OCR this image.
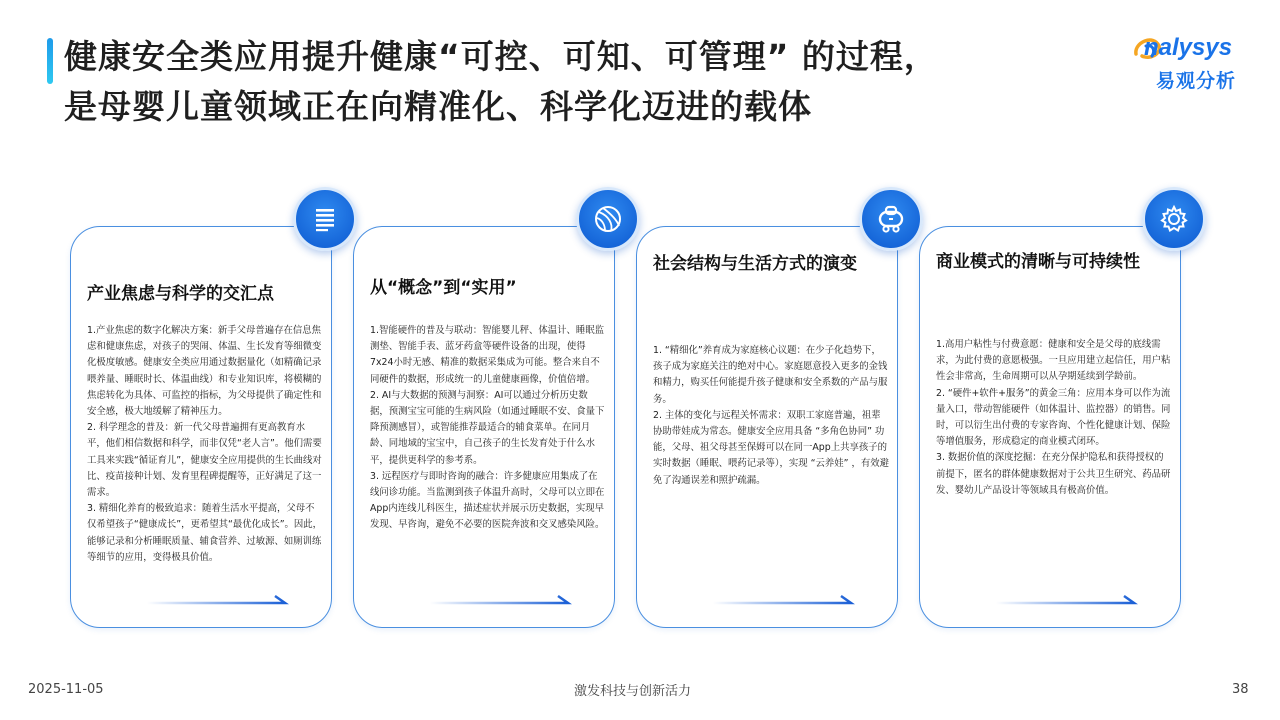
健康安全类应用提升健康“可控、可知、可管理” 的过程，
是母婴儿童领域正在向精准化、科学化迈进的载体
nalysys
易观分析
产业焦虑与科学的交汇点

1.产业焦虑的数字化解决方案：新手父母普遍存在信息焦虑和健康焦虑，对孩子的哭闹、体温、生长发育等细微变化极度敏感。健康安全类应用通过数据量化（如精确记录喂养量、睡眠时长、体温曲线）和专业知识库，将模糊的焦虑转化为具体、可监控的指标，为父母提供了确定性和安全感，极大地缓解了精神压力。

2. 科学理念的普及：新一代父母普遍拥有更高教育水平，他们相信数据和科学，而非仅凭“老人言”。他们需要工具来实践“循证育儿”，健康安全应用提供的生长曲线对比、疫苗接种计划、发育里程碑提醒等，正好满足了这一需求。

3. 精细化养育的极致追求：随着生活水平提高，父母不仅希望孩子“健康成长”，更希望其“最优化成长”。因此，能够记录和分析睡眠质量、辅食营养、过敏源、如厕训练等细节的应用，变得极具价值。

从“概念”到“实用”

1.智能硬件的普及与联动：智能婴儿秤、体温计、睡眠监测垫、智能手表、蓝牙药盒等硬件设备的出现，使得7x24小时无感、精准的数据采集成为可能。整合来自不同硬件的数据，形成统一的儿童健康画像，价值倍增。

2. AI与大数据的预测与洞察：AI可以通过分析历史数据，预测宝宝可能的生病风险（如通过睡眠不安、食量下降预测感冒），或智能推荐最适合的辅食菜单。在同月龄、同地域的宝宝中，自己孩子的生长发育处于什么水平，提供更科学的参考系。

3. 远程医疗与即时咨询的融合：许多健康应用集成了在线问诊功能。当监测到孩子体温升高时，父母可以立即在App内连线儿科医生，描述症状并展示历史数据，实现早发现、早咨询，避免不必要的医院奔波和交叉感染风险。

社会结构与生活方式的演变

1. “精细化”养育成为家庭核心议题：在少子化趋势下，孩子成为家庭关注的绝对中心。家庭愿意投入更多的金钱和精力，购买任何能提升孩子健康和安全系数的产品与服务。

2. 主体的变化与远程关怀需求：双职工家庭普遍，祖辈协助带娃成为常态。健康安全应用具备 “多角色协同” 功能，父母、祖父母甚至保姆可以在同一App上共享孩子的实时数据（睡眠、喂药记录等），实现 “云养娃” ，有效避免了沟通误差和照护疏漏。

商业模式的清晰与可持续性

1.高用户粘性与付费意愿：健康和安全是父母的底线需求，为此付费的意愿极强。一旦应用建立起信任，用户粘性会非常高，生命周期可以从孕期延续到学龄前。

2. “硬件+软件+服务”的黄金三角：应用本身可以作为流量入口，带动智能硬件（如体温计、监控器）的销售。同时，可以衍生出付费的专家咨询、个性化健康计划、保险等增值服务，形成稳定的商业模式闭环。

3. 数据价值的深度挖掘：在充分保护隐私和获得授权的前提下，匿名的群体健康数据对于公共卫生研究、药品研发、婴幼儿产品设计等领域具有极高价值。

2025-11-05	激发科技与创新活力	38
